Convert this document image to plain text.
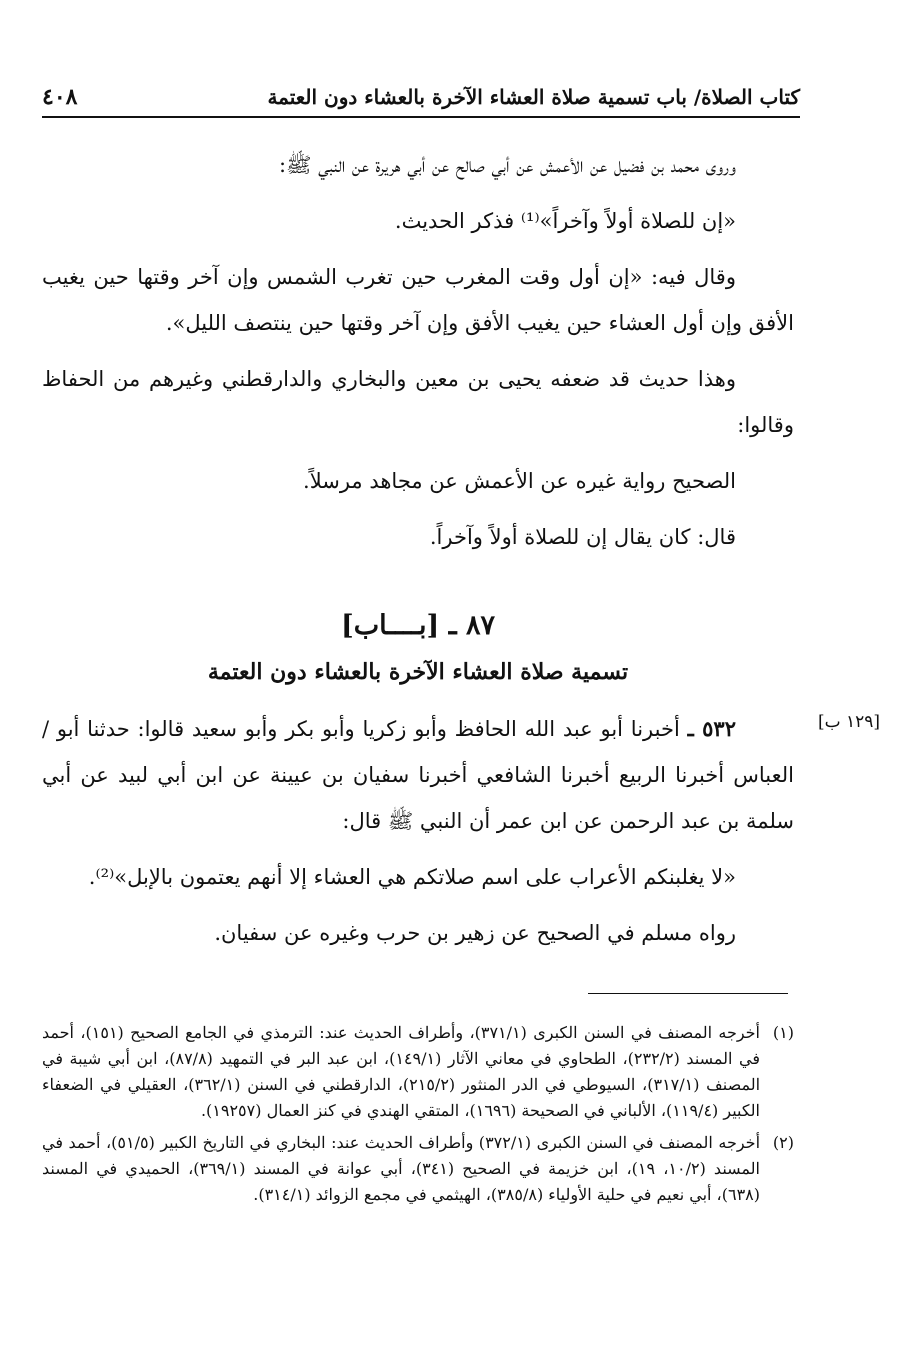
كتاب الصلاة/ باب تسمية صلاة العشاء الآخرة بالعشاء دون العتمة
٤٠٨

وروى محمد بن فضيل عن الأعمش عن أبي صالح عن أبي هريرة عن النبي ﷺ:

«إن للصلاة أولاً وآخراً»⁽¹⁾ فذكر الحديث.

وقال فيه: «إن أول وقت المغرب حين تغرب الشمس وإن آخر وقتها حين يغيب الأفق وإن أول العشاء حين يغيب الأفق وإن آخر وقتها حين ينتصف الليل».

وهذا حديث قد ضعفه يحيى بن معين والبخاري والدارقطني وغيرهم من الحفاظ وقالوا:

الصحيح رواية غيره عن الأعمش عن مجاهد مرسلاً.

قال: كان يقال إن للصلاة أولاً وآخراً.

٨٧ ـ [بــــاب]
تسمية صلاة العشاء الآخرة بالعشاء دون العتمة

٥٣٢ ـ أخبرنا أبو عبد الله الحافظ وأبو زكريا وأبو بكر وأبو سعيد قالوا: حدثنا أبو / العباس أخبرنا الربيع أخبرنا الشافعي أخبرنا سفيان بن عيينة عن ابن أبي لبيد عن أبي سلمة بن عبد الرحمن عن ابن عمر أن النبي ﷺ قال:

«لا يغلبنكم الأعراب على اسم صلاتكم هي العشاء إلا أنهم يعتمون بالإبل»⁽²⁾.

رواه مسلم في الصحيح عن زهير بن حرب وغيره عن سفيان.

[١٢٩ ب]
(١)
أخرجه المصنف في السنن الكبرى (٣٧١/١)، وأطراف الحديث عند: الترمذي في الجامع الصحيح (١٥١)، أحمد في المسند (٢٣٢/٢)، الطحاوي في معاني الآثار (١٤٩/١)، ابن عبد البر في التمهيد (٨٧/٨)، ابن أبي شيبة في المصنف (٣١٧/١)، السيوطي في الدر المنثور (٢١٥/٢)، الدارقطني في السنن (٣٦٢/١)، العقيلي في الضعفاء الكبير (١١٩/٤)، الألباني في الصحيحة (١٦٩٦)، المتقي الهندي في كنز العمال (١٩٢٥٧).
(٢)
أخرجه المصنف في السنن الكبرى (٣٧٢/١) وأطراف الحديث عند: البخاري في التاريخ الكبير (٥١/٥)، أحمد في المسند (١٠/٢، ١٩)، ابن خزيمة في الصحيح (٣٤١)، أبي عوانة في المسند (٣٦٩/١)، الحميدي في المسند (٦٣٨)، أبي نعيم في حلية الأولياء (٣٨٥/٨)، الهيثمي في مجمع الزوائد (٣١٤/١).
